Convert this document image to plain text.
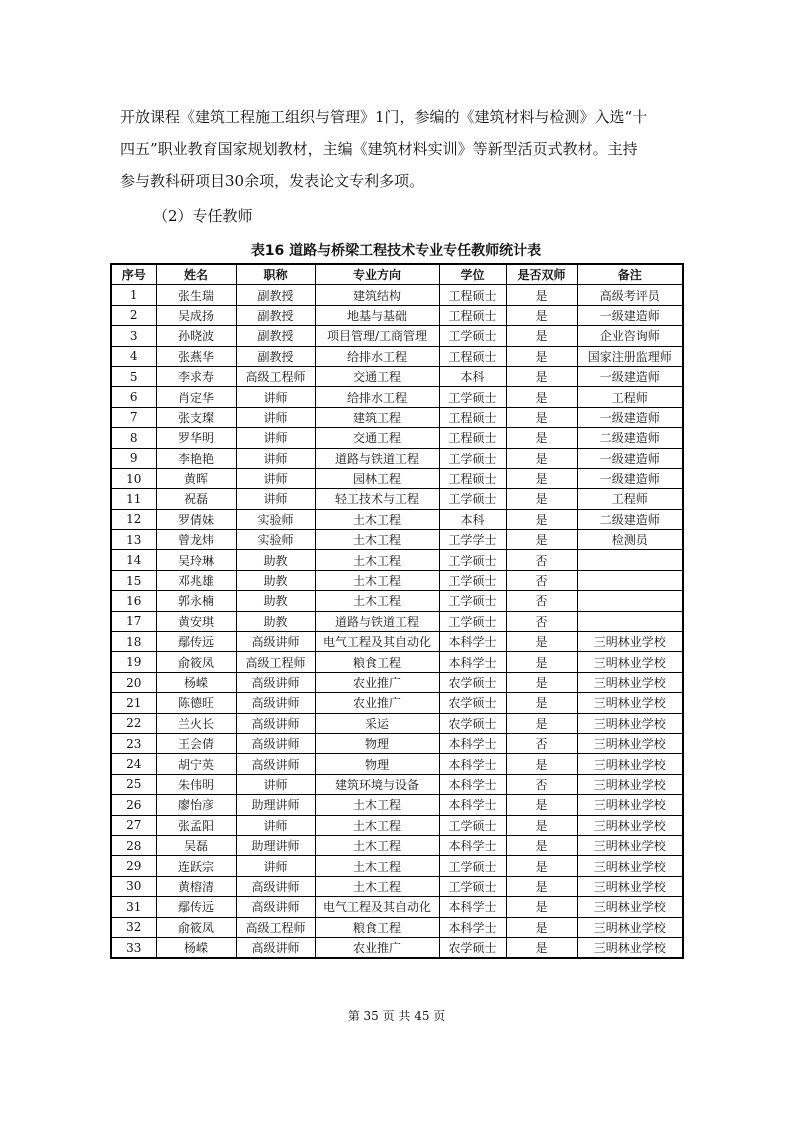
开放课程《建筑工程施工组织与管理》1门，参编的《建筑材料与检测》入选“十

四五”职业教育国家规划教材，主编《建筑材料实训》等新型活页式教材。主持

参与教科研项目30余项，发表论文专利多项。

（2）专任教师

表16 道路与桥梁工程技术专业专任教师统计表
序号	姓名	职称	专业方向	学位	是否双师	备注
1	张生瑞	副教授	建筑结构	工程硕士	是	高级考评员
2	吴成扬	副教授	地基与基础	工程硕士	是	一级建造师
3	孙晓波	副教授	项目管理/工商管理	工学硕士	是	企业咨询师
4	张燕华	副教授	给排水工程	工程硕士	是	国家注册监理师
5	李求寿	高级工程师	交通工程	本科	是	一级建造师
6	肖定华	讲师	给排水工程	工学硕士	是	工程师
7	张支璨	讲师	建筑工程	工程硕士	是	一级建造师
8	罗华明	讲师	交通工程	工程硕士	是	二级建造师
9	李艳艳	讲师	道路与铁道工程	工学硕士	是	一级建造师
10	黄晖	讲师	园林工程	工程硕士	是	一级建造师
11	祝磊	讲师	轻工技术与工程	工学硕士	是	工程师
12	罗倩妹	实验师	土木工程	本科	是	二级建造师
13	曾龙炜	实验师	土木工程	工学学士	是	检测员
14	吴玲琳	助教	土木工程	工学硕士	否	
15	邓兆雄	助教	土木工程	工学硕士	否	
16	郭永楠	助教	土木工程	工学硕士	否	
17	黄安琪	助教	道路与铁道工程	工学硕士	否	
18	鄢传远	高级讲师	电气工程及其自动化	本科学士	是	三明林业学校
19	俞筱凤	高级工程师	粮食工程	本科学士	是	三明林业学校
20	杨嵘	高级讲师	农业推广	农学硕士	是	三明林业学校
21	陈德旺	高级讲师	农业推广	农学硕士	是	三明林业学校
22	兰火长	高级讲师	采运	农学硕士	是	三明林业学校
23	王会倩	高级讲师	物理	本科学士	否	三明林业学校
24	胡宁英	高级讲师	物理	本科学士	是	三明林业学校
25	朱伟明	讲师	建筑环境与设备	本科学士	否	三明林业学校
26	廖怡彦	助理讲师	土木工程	本科学士	是	三明林业学校
27	张孟阳	讲师	土木工程	工学硕士	是	三明林业学校
28	吴磊	助理讲师	土木工程	本科学士	是	三明林业学校
29	连跃宗	讲师	土木工程	工学硕士	是	三明林业学校
30	黄榕清	高级讲师	土木工程	工学硕士	是	三明林业学校
31	鄢传远	高级讲师	电气工程及其自动化	本科学士	是	三明林业学校
32	俞筱凤	高级工程师	粮食工程	本科学士	是	三明林业学校
33	杨嵘	高级讲师	农业推广	农学硕士	是	三明林业学校
第 35 页 共 45 页
